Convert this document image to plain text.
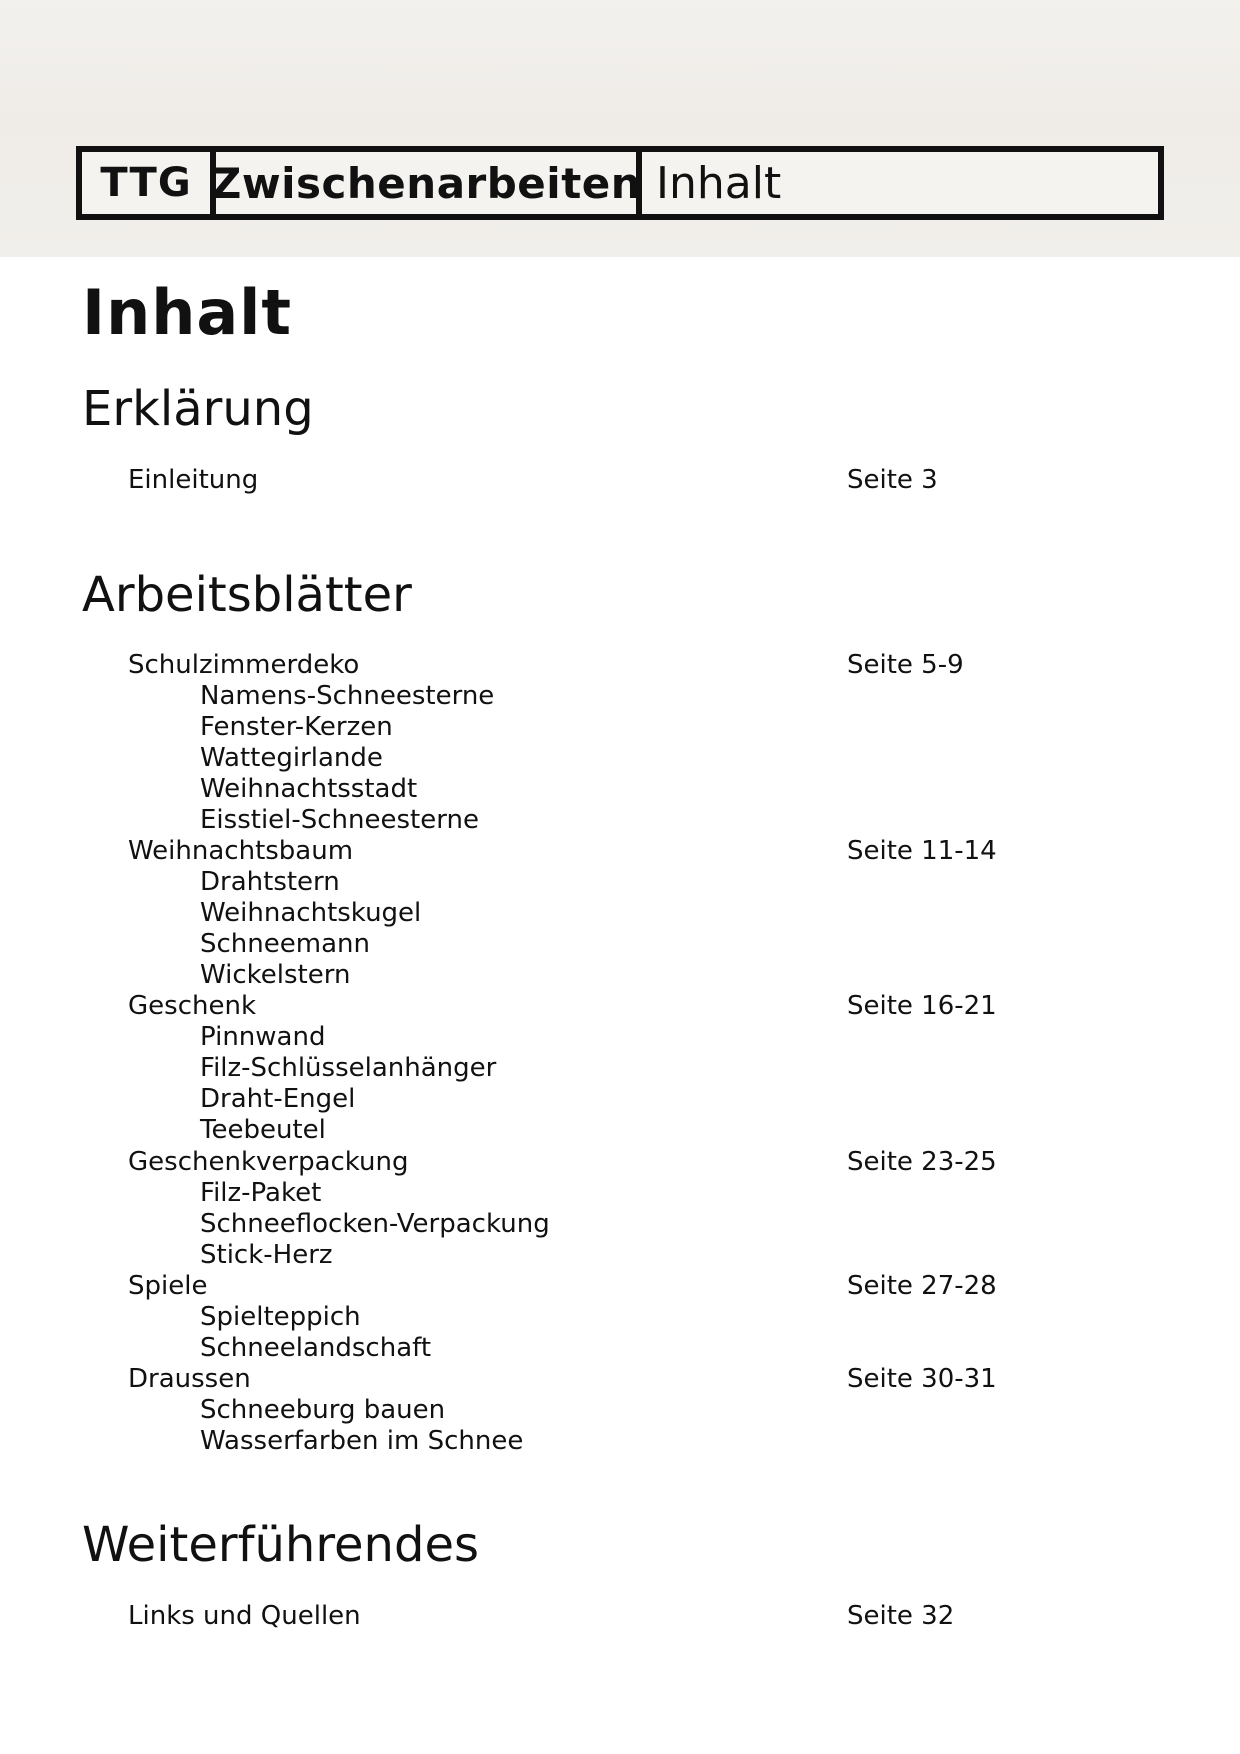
TTG Zwischenarbeiten Inhalt
Inhalt
Erklärung
Einleitung	Seite 3
Arbeitsblätter
Schulzimmerdeko	Seite 5-9
Namens-Schneesterne
Fenster-Kerzen
Wattegirlande
Weihnachtsstadt
Eisstiel-Schneesterne
Weihnachtsbaum	Seite 11-14
Drahtstern
Weihnachtskugel
Schneemann
Wickelstern
Geschenk	Seite 16-21
Pinnwand
Filz-Schlüsselanhänger
Draht-Engel
Teebeutel
Geschenkverpackung	Seite 23-25
Filz-Paket
Schneeflocken-Verpackung
Stick-Herz
Spiele	Seite 27-28
Spielteppich
Schneelandschaft
Draussen	Seite 30-31
Schneeburg bauen
Wasserfarben im Schnee
Weiterführendes
Links und Quellen	Seite 32
